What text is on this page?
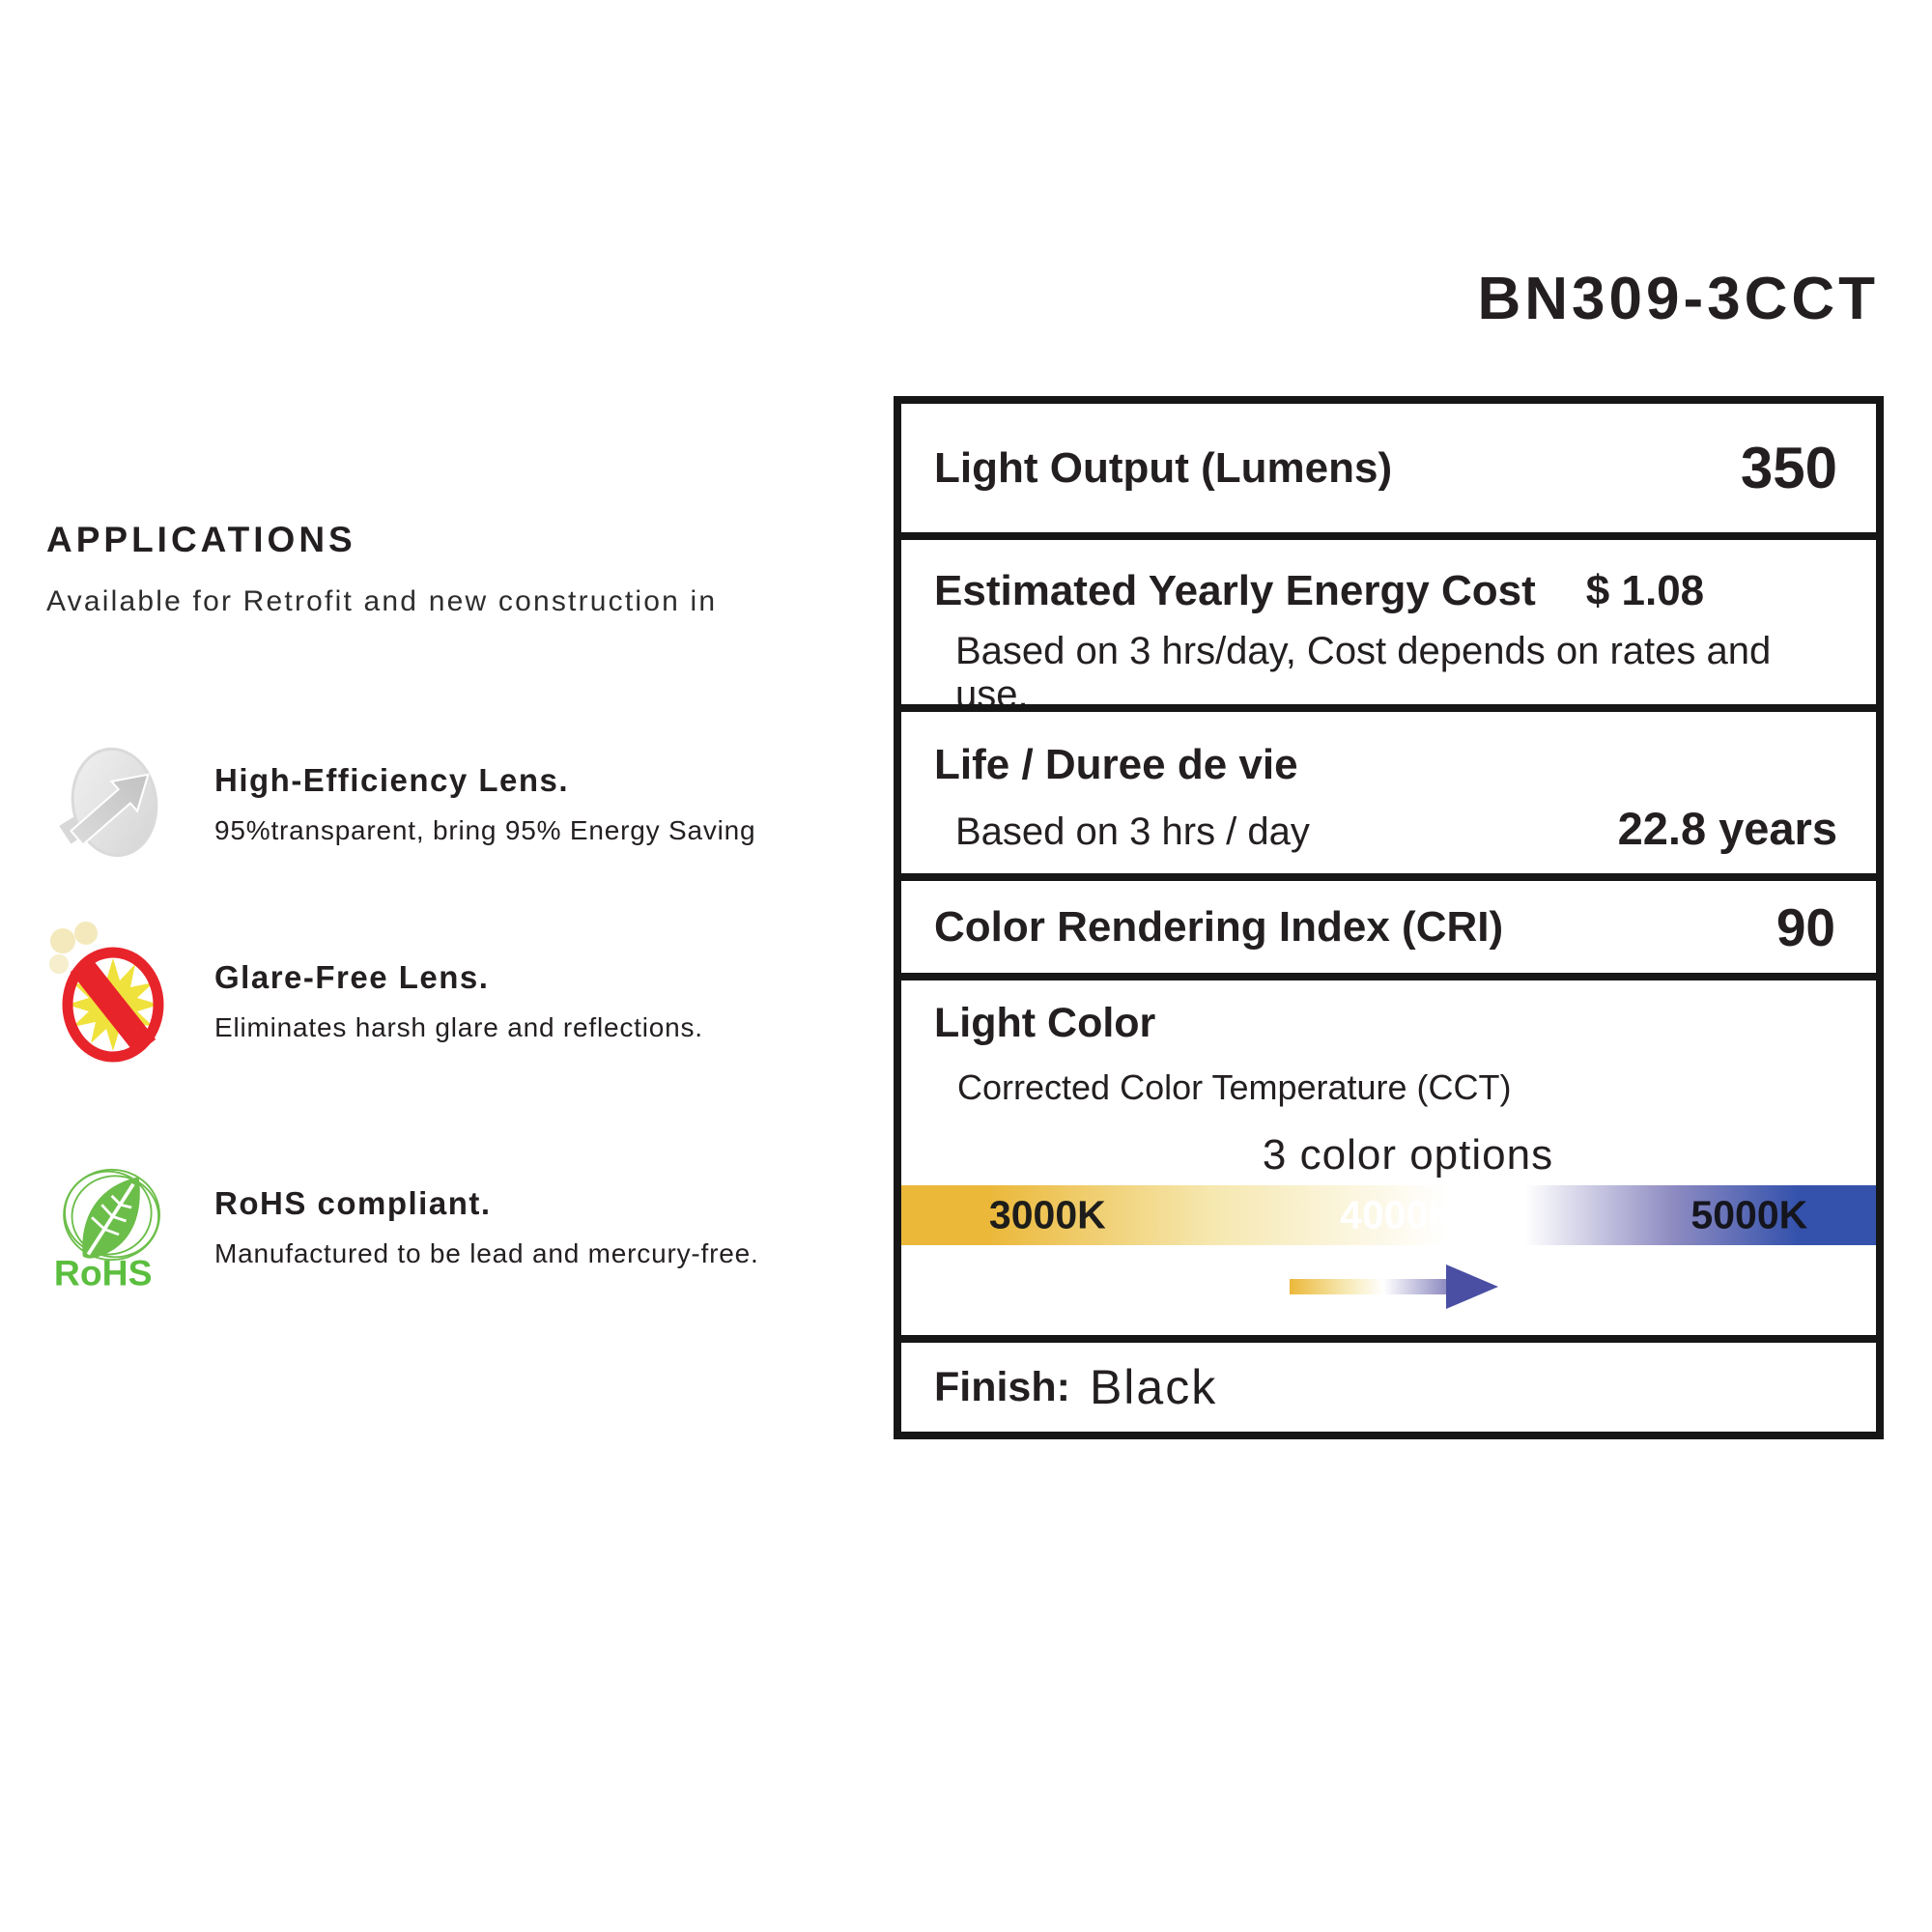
APPLICATIONS

Available for Retrofit and new construction in

High-Efficiency Lens.
95%transparent, bring 95% Energy Saving
Glare-Free Lens.
Eliminates harsh glare and reflections.
RoHS
RoHS compliant.
Manufactured to be lead and mercury-free.
BN309-3CCT
Light Output (Lumens)	350
Estimated Yearly Energy Cost $ 1.08
Based on 3 hrs/day, Cost depends on rates and use.
Life / Duree de vie
Based on 3 hrs / day	22.8 years
Color Rendering Index (CRI)	90
Light Color
Corrected Color Temperature (CCT)
3 color options
3000K	4000K	5000K
Finish: Black
